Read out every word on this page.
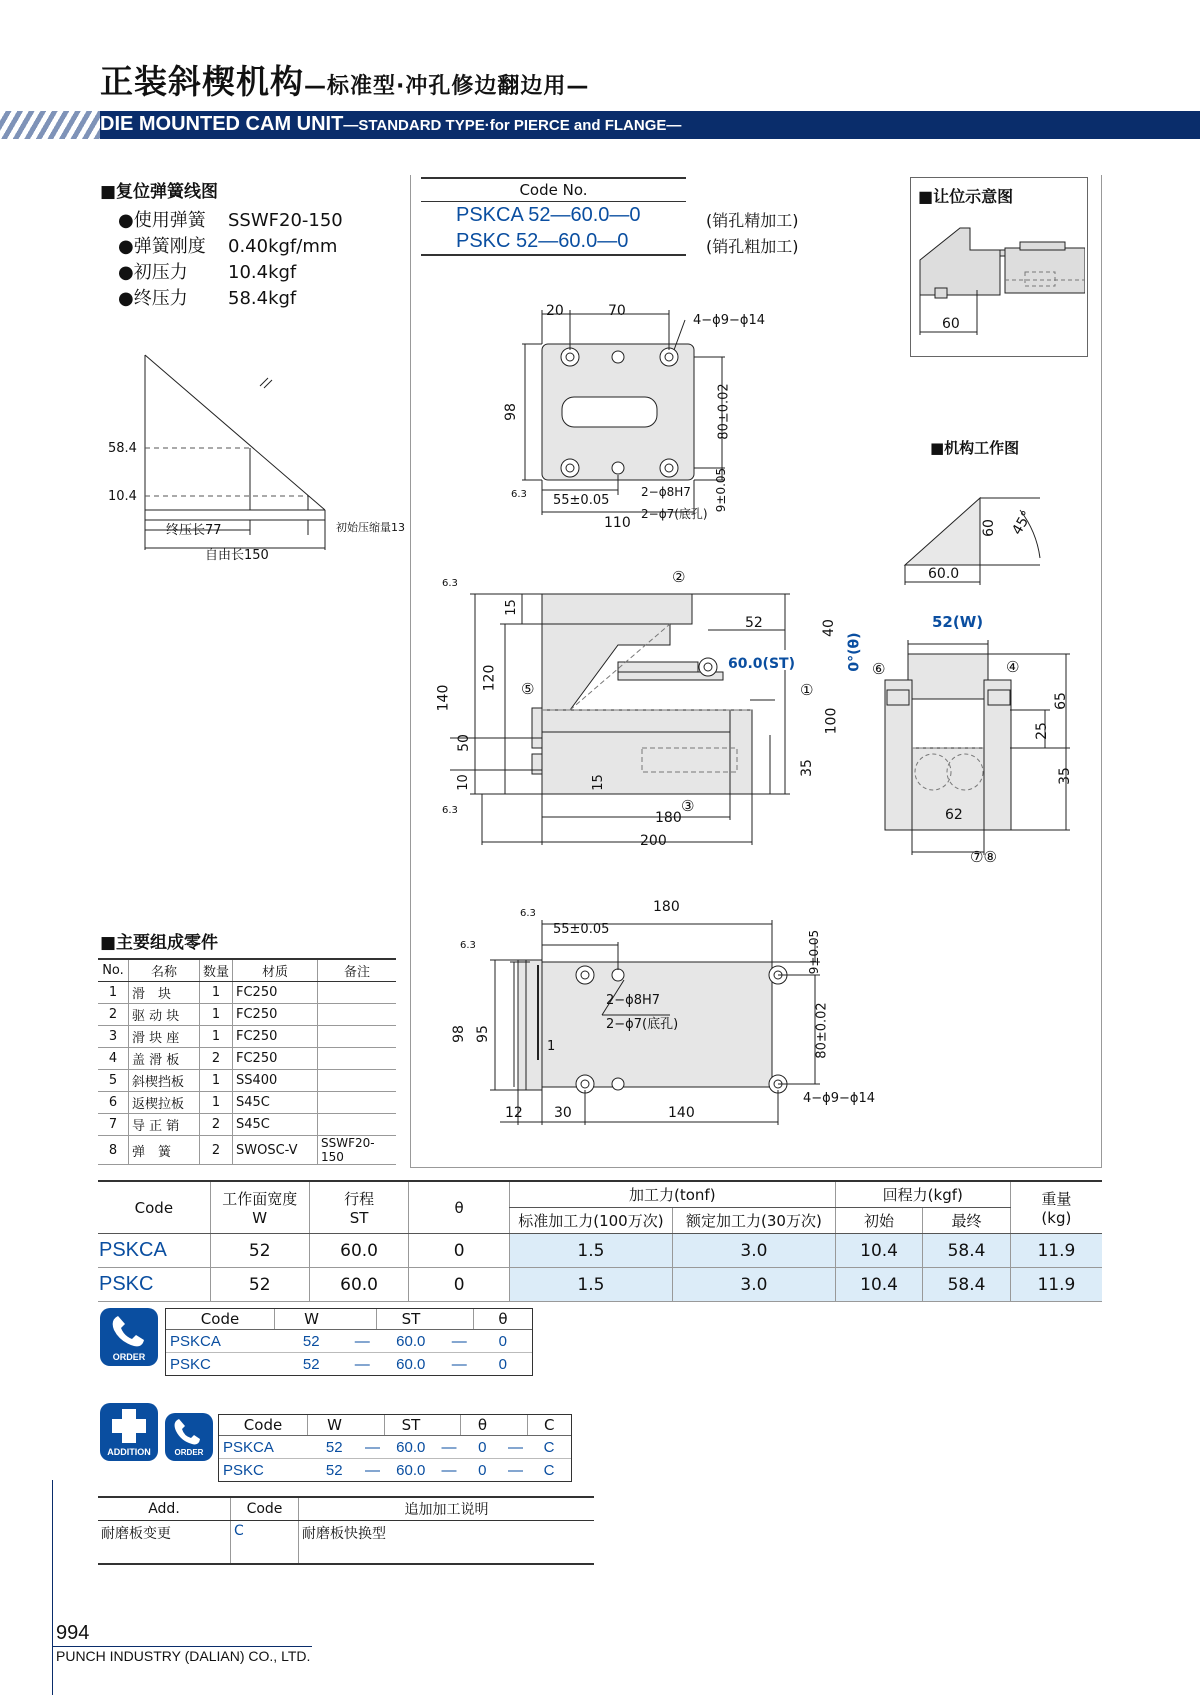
正装斜楔机构—标准型·冲孔修边翻边用—
DIE MOUNTED CAM UNIT—STANDARD TYPE·for PIERCE and FLANGE—
■复位弹簧线图
●使用弹簧 SSWF20-150
●弹簧刚度 0.40kgf/mm
●初压力 10.4kgf
●终压力 58.4kgf
58.4
10.4
终压长77	初始压缩量13
自由长150
Code No.
PSKCA 52—60.0—0
PSKC 52—60.0—0
(销孔精加工)
(销孔粗加工)
■让位示意图
60
■机构工作图
60
60.0
45°
20	70
4−ϕ9−ϕ14
98	80±0.02
9±0.05
55±0.05
110
2−ϕ8H7
2−ϕ7(底孔)
6.3
15
52	40
0°(θ)
60.0(ST)
140
120
50
10
100
35
15
180
200
①
②
③
⑤
6.3
6.3
52(W)
65
25
35
62
④
⑥
⑦⑧
180
55±0.05
9±0.05
2−ϕ8H7
2−ϕ7(底孔)
98 95	80±0.02
1
12 30	140
4−ϕ9−ϕ14
6.3
6.3
■主要组成零件
No.	名称	数量	材质	备注
1	滑　块	1	FC250	
2	驱 动 块	1	FC250	
3	滑 块 座	1	FC250	
4	盖 滑 板	2	FC250	
5	斜楔挡板	1	SS400	
6	返楔拉板	1	S45C	
7	导 正 销	2	S45C	
8	弹　簧	2	SWOSC-V	SSWF20-150
Code	工作面宽度
W	行程
ST	θ	加工力(tonf)		回程力(kgf)		重量
(kg)
				标准加工力(100万次)	额定加工力(30万次)	初始	最终	
PSKCA	52	60.0	0	1.5	3.0	10.4	58.4	11.9
PSKC	52	60.0	0	1.5	3.0	10.4	58.4	11.9
ORDER
Code	W		ST		θ
PSKCA	52	—	60.0	—	0
PSKC	52	—	60.0	—	0
ADDITION	ORDER
Code	W		ST		θ		C
PSKCA	52	—	60.0	—	0	—	C
PSKC	52	—	60.0	—	0	—	C
Add.	Code	追加加工说明
耐磨板变更	C	耐磨板快换型
994
PUNCH INDUSTRY (DALIAN) CO., LTD.
